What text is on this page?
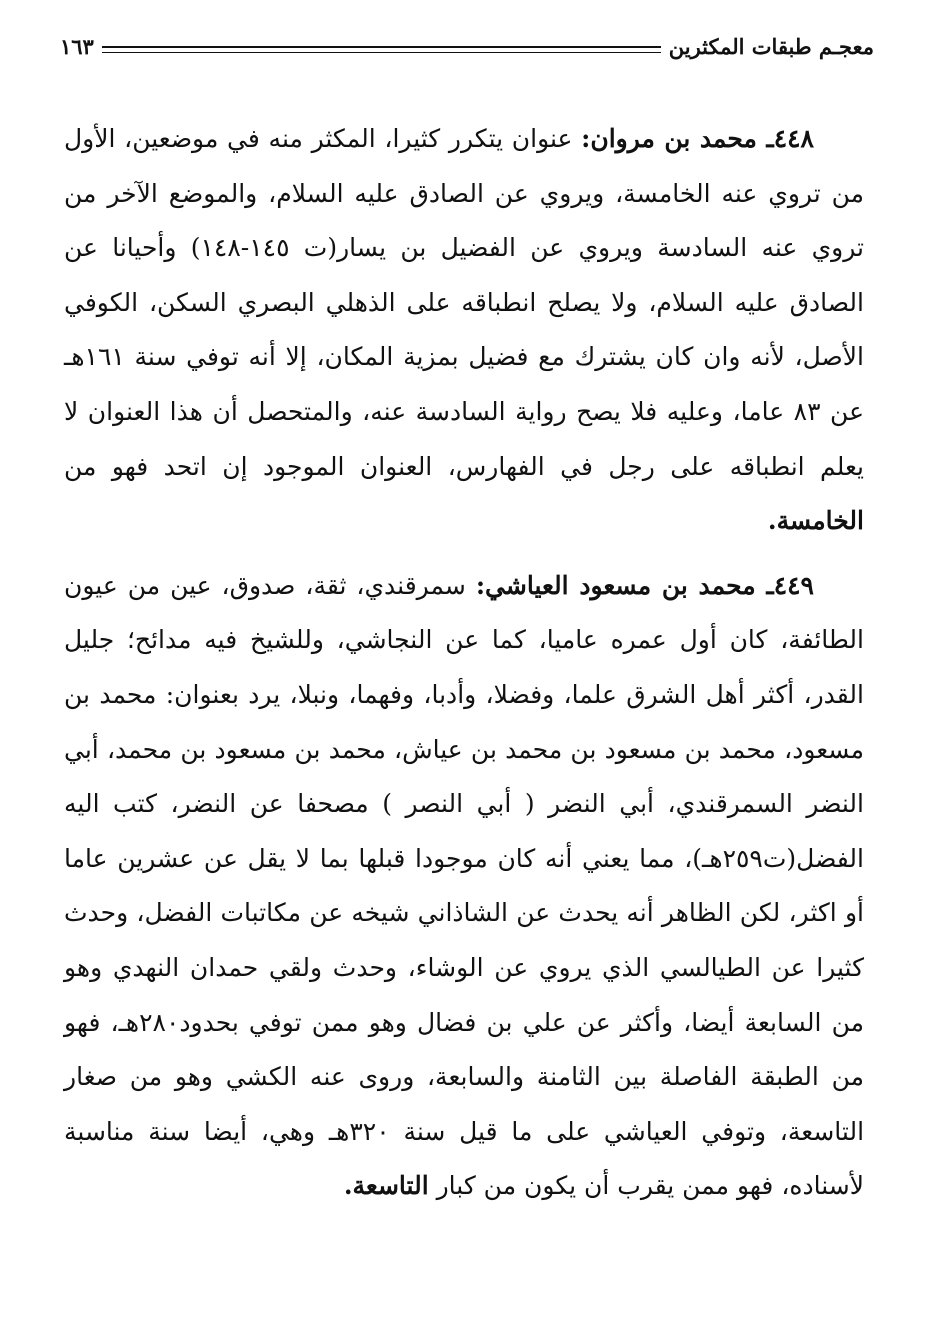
معجـم طبقات المكثرين
١٦٣

٤٤٨ـ محمد بن مروان: عنوان يتكرر كثيرا، المكثر منه في موضعين، الأول من تروي عنه الخامسة، ويروي عن الصادق عليه السلام، والموضع الآخر من تروي عنه السادسة ويروي عن الفضيل بن يسار(ت ١٤٥-١٤٨) وأحيانا عن الصادق عليه السلام، ولا يصلح انطباقه على الذهلي البصري السكن، الكوفي الأصل، لأنه وان كان يشترك مع فضيل بمزية المكان، إلا أنه توفي سنة ١٦١هـ عن ٨٣ عاما، وعليه فلا يصح رواية السادسة عنه، والمتحصل أن هذا العنوان لا يعلم انطباقه على رجل في الفهارس، العنوان الموجود إن اتحد فهو من الخامسة.

٤٤٩ـ محمد بن مسعود العياشي: سمرقندي، ثقة، صدوق، عين من عيون الطائفة، كان أول عمره عاميا، كما عن النجاشي، وللشيخ فيه مدائح؛ جليل القدر، أكثر أهل الشرق علما، وفضلا، وأدبا، وفهما، ونبلا، يرد بعنوان: محمد بن مسعود، محمد بن مسعود بن محمد بن عياش، محمد بن مسعود بن محمد، أبي النضر السمرقندي، أبي النضر ( أبي النصر ) مصحفا عن النضر، كتب اليه الفضل(ت٢٥٩هـ)، مما يعني أنه كان موجودا قبلها بما لا يقل عن عشرين عاما أو اكثر، لكن الظاهر أنه يحدث عن الشاذاني شيخه عن مكاتبات الفضل، وحدث كثيرا عن الطيالسي الذي يروي عن الوشاء، وحدث ولقي حمدان النهدي وهو من السابعة أيضا، وأكثر عن علي بن فضال وهو ممن توفي بحدود٢٨٠هـ، فهو من الطبقة الفاصلة بين الثامنة والسابعة، وروى عنه الكشي وهو من صغار التاسعة، وتوفي العياشي على ما قيل سنة ٣٢٠هـ وهي، أيضا سنة مناسبة لأسناده، فهو ممن يقرب أن يكون من كبار التاسعة.
